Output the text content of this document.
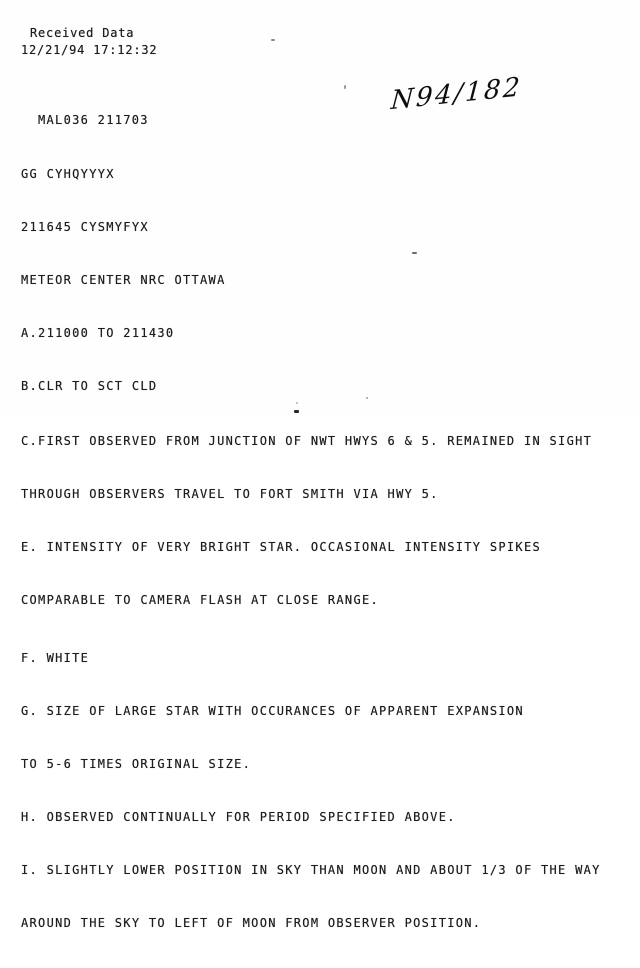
Received Data
12/21/94 17:12:32
N94/182

MAL036 211703

GG CYHQYYYX

211645 CYSMYFYX

METEOR CENTER NRC OTTAWA

A.211000 TO 211430

B.CLR TO SCT CLD

C.FIRST OBSERVED FROM JUNCTION OF NWT HWYS 6 & 5. REMAINED IN SIGHT

THROUGH OBSERVERS TRAVEL TO FORT SMITH VIA HWY 5.

E. INTENSITY OF VERY BRIGHT STAR. OCCASIONAL INTENSITY SPIKES

COMPARABLE TO CAMERA FLASH AT CLOSE RANGE.

F. WHITE

G. SIZE OF LARGE STAR WITH OCCURANCES OF APPARENT EXPANSION

TO 5-6 TIMES ORIGINAL SIZE.

H. OBSERVED CONTINUALLY FOR PERIOD SPECIFIED ABOVE.

I. SLIGHTLY LOWER POSITION IN SKY THAN MOON AND ABOUT 1/3 OF THE WAY

AROUND THE SKY TO LEFT OF MOON FROM OBSERVER POSITION.
